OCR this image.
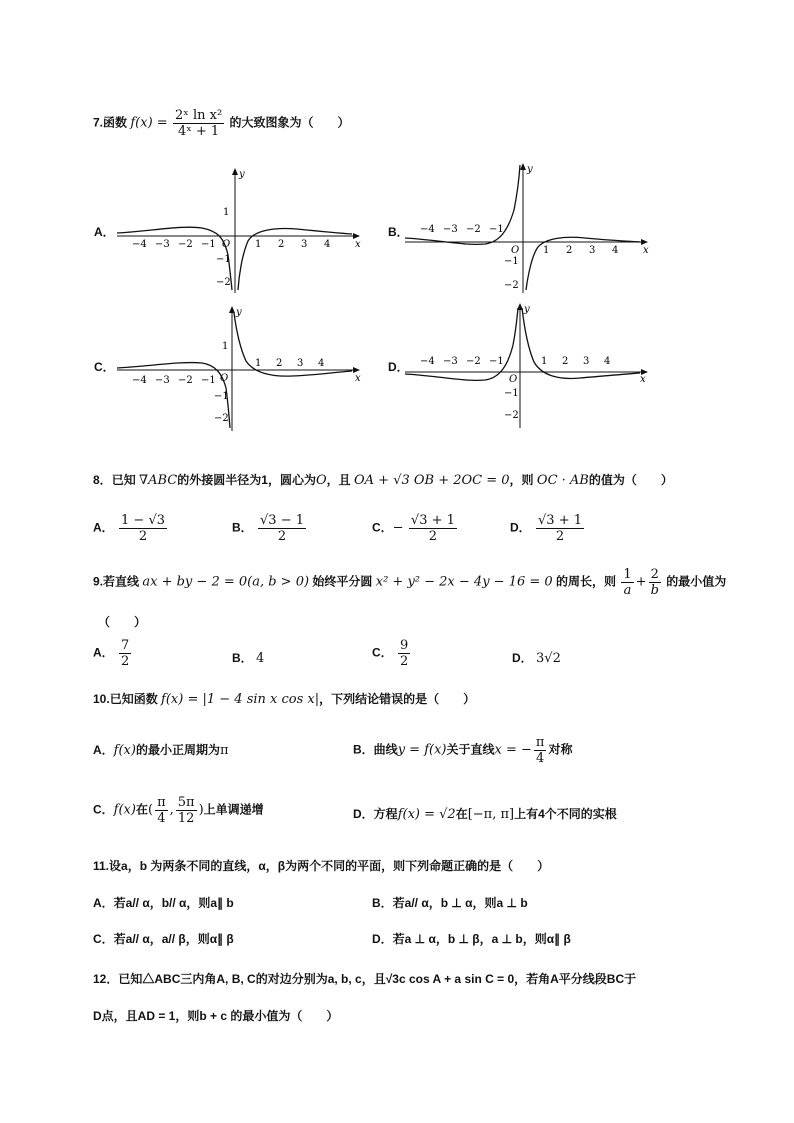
7.函数 $f(x) = \frac{\text{2ˣ ln x²}}{\text{4ˣ + 1}}$ 的大致图象为（　　）
A．	B．
C．	D．
y
x
O
−4 −3 −2 −1	1 2 3 4
1
−1
−2
y
x
O
−4 −3 −2 −1
1 2 3 4
−1
−2
y
x
O
−4 −3 −2 −1
1 2 3 4
1
−1
−2
y
x
O
−4 −3 −2 −1	1 2 3 4
−1
−2
8．已知 ∇ABC的外接圆半径为1，圆心为O，且 OA + √3 OB + 2OC = 0，则 OC · AB的值为（　　）
A． $\frac{1 - √3}{2}$	B． $\frac{√3 - 1}{2}$	C．− $\frac{√3 + 1}{2}$	D． $\frac{√3 + 1}{2}$
9.若直线 ax + by − 2 = 0(a, b > 0) 始终平分圆 x² + y² − 2x − 4y − 16 = 0 的周长，则 $\frac{1}{a} + \frac{2}{b}$ 的最小值为
（　　）
A． $\frac{7}{2}$	B． 4	C． $\frac{9}{2}$	D． 3√2
10.已知函数 f(x) = |1 − 4 sin x cos x|，下列结论错误的是（　　）
A．f(x)的最小正周期为π	B．曲线y = f(x)关于直线x = − $\frac{\pi}{4}$ 对称
C．f(x)在( $\frac{\pi}{4}$ , $\frac{5\pi}{12}$ )上单调递增	D．方程f(x) = √2在[−π, π]上有4个不同的实根
11.设a，b 为两条不同的直线，α，β为两个不同的平面，则下列命题正确的是（　　）
A．若a// α，b// α，则a∥ b	B．若a// α，b ⊥ α，则a ⊥ b
C．若a// α，a// β，则α∥ β	D．若a ⊥ α，b ⊥ β，a ⊥ b，则α∥ β
12．已知△ABC三内角A, B, C的对边分别为a, b, c，且√3c cos A + a sin C = 0，若角A平分线段BC于
D点，且AD = 1，则b + c 的最小值为（　　）
